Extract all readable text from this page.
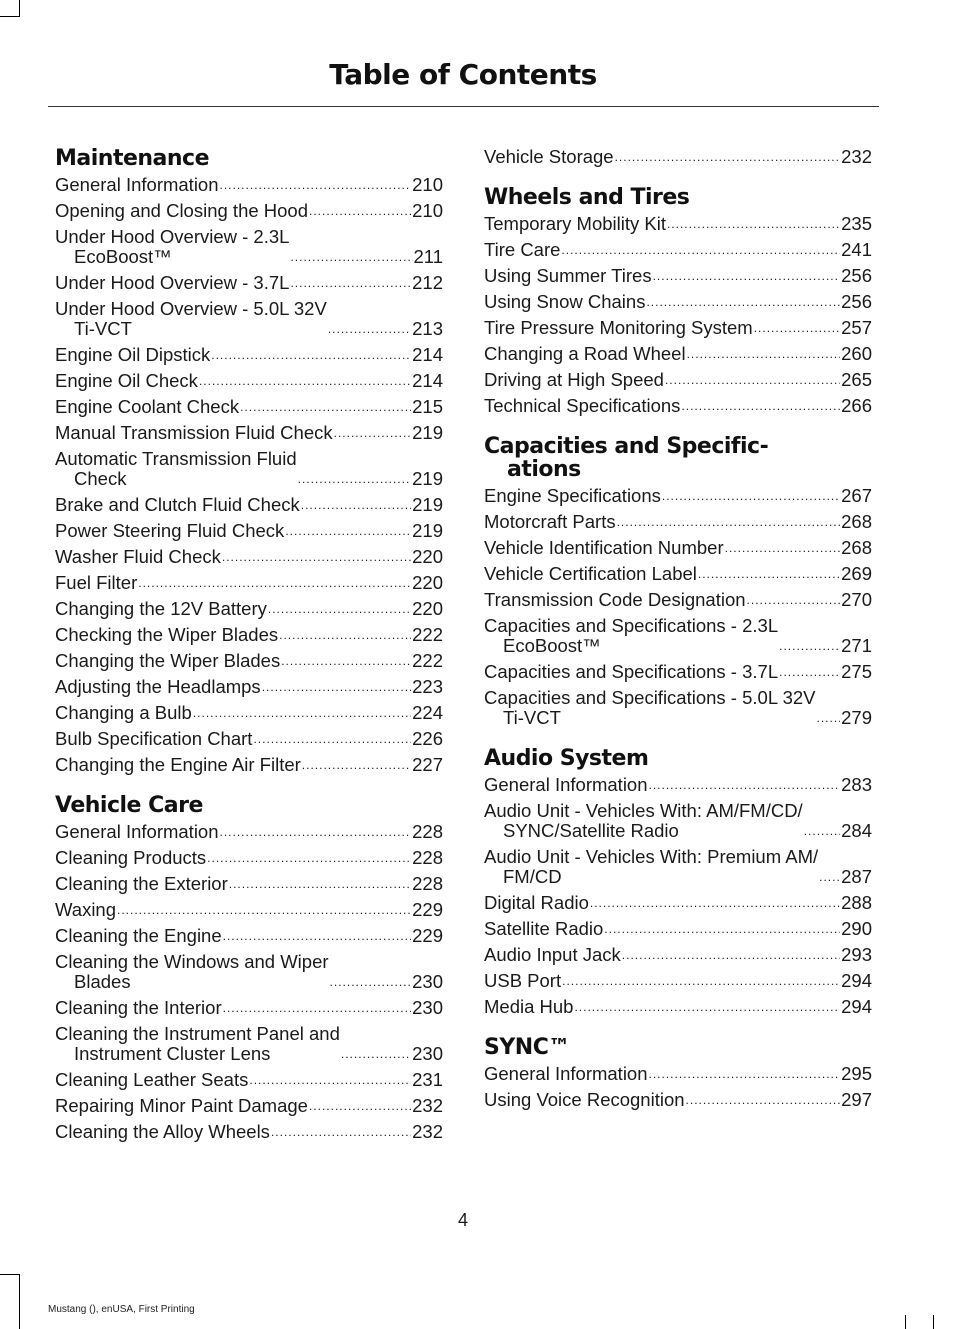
Table of Contents
Maintenance
General Information .....	210
Opening and Closing the Hood .....	210
Under Hood Overview - 2.3L
EcoBoost™ .....	211
Under Hood Overview - 3.7L .....	212
Under Hood Overview - 5.0L 32V
Ti-VCT .....	213
Engine Oil Dipstick .....	214
Engine Oil Check .....	214
Engine Coolant Check .....	215
Manual Transmission Fluid Check .....	219
Automatic Transmission Fluid
Check .....	219
Brake and Clutch Fluid Check .....	219
Power Steering Fluid Check .....	219
Washer Fluid Check .....	220
Fuel Filter .....	220
Changing the 12V Battery .....	220
Checking the Wiper Blades .....	222
Changing the Wiper Blades .....	222
Adjusting the Headlamps .....	223
Changing a Bulb .....	224
Bulb Specification Chart .....	226
Changing the Engine Air Filter .....	227
Vehicle Care
General Information .....	228
Cleaning Products .....	228
Cleaning the Exterior .....	228
Waxing .....	229
Cleaning the Engine .....	229
Cleaning the Windows and Wiper
Blades .....	230
Cleaning the Interior .....	230
Cleaning the Instrument Panel and
Instrument Cluster Lens .....	230
Cleaning Leather Seats .....	231
Repairing Minor Paint Damage .....	232
Cleaning the Alloy Wheels .....	232
Vehicle Storage .....	232
Wheels and Tires
Temporary Mobility Kit .....	235
Tire Care .....	241
Using Summer Tires .....	256
Using Snow Chains .....	256
Tire Pressure Monitoring System .....	257
Changing a Road Wheel .....	260
Driving at High Speed .....	265
Technical Specifications .....	266
Capacities and Specific-
ations
Engine Specifications .....	267
Motorcraft Parts .....	268
Vehicle Identification Number .....	268
Vehicle Certification Label .....	269
Transmission Code Designation .....	270
Capacities and Specifications - 2.3L
EcoBoost™ .....	271
Capacities and Specifications - 3.7L .....	275
Capacities and Specifications - 5.0L 32V
Ti-VCT .....	279
Audio System
General Information .....	283
Audio Unit - Vehicles With: AM/FM/CD/
SYNC/Satellite Radio .....	284
Audio Unit - Vehicles With: Premium AM/
FM/CD .....	287
Digital Radio .....	288
Satellite Radio .....	290
Audio Input Jack .....	293
USB Port .....	294
Media Hub .....	294
SYNC™
General Information .....	295
Using Voice Recognition .....	297
4
Mustang (), enUSA, First Printing
